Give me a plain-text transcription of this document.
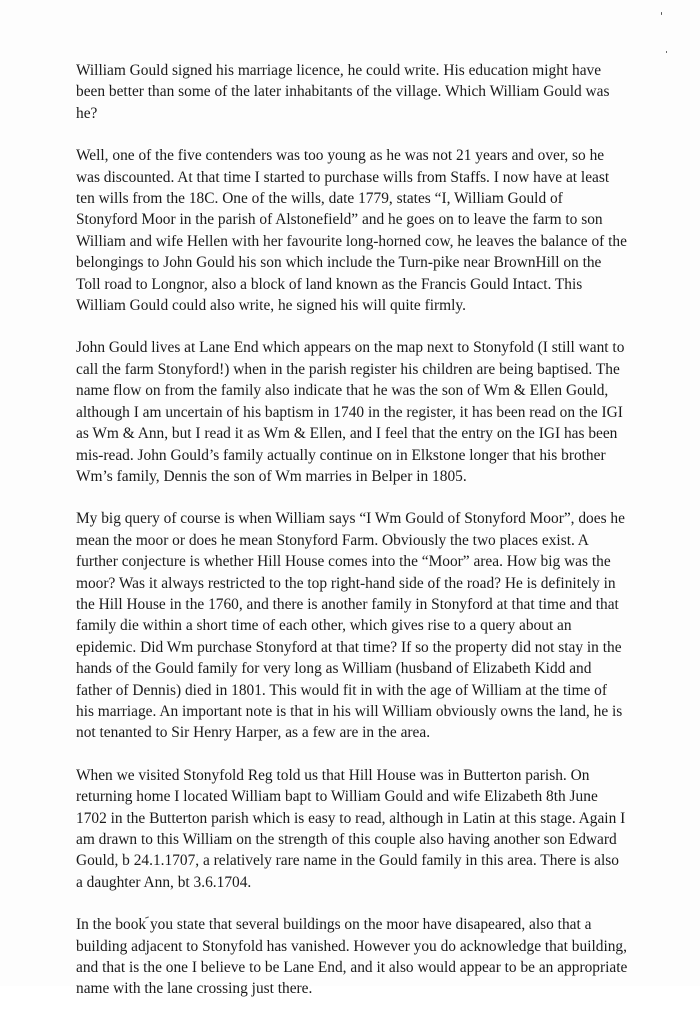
William Gould signed his marriage licence, he could write. His education might have
been better than some of the later inhabitants of the village. Which William Gould was
he?

Well, one of the five contenders was too young as he was not 21 years and over, so he
was discounted. At that time I started to purchase wills from Staffs. I now have at least
ten wills from the 18C. One of the wills, date 1779, states “I, William Gould of
Stonyford Moor in the parish of Alstonefield” and he goes on to leave the farm to son
William and wife Hellen with her favourite long-horned cow, he leaves the balance of the
belongings to John Gould his son which include the Turn-pike near BrownHill on the
Toll road to Longnor, also a block of land known as the Francis Gould Intact. This
William Gould could also write, he signed his will quite firmly.

John Gould lives at Lane End which appears on the map next to Stonyfold (I still want to
call the farm Stonyford!) when in the parish register his children are being baptised. The
name flow on from the family also indicate that he was the son of Wm & Ellen Gould,
although I am uncertain of his baptism in 1740 in the register, it has been read on the IGI
as Wm & Ann, but I read it as Wm & Ellen, and I feel that the entry on the IGI has been
mis-read. John Gould’s family actually continue on in Elkstone longer that his brother
Wm’s family, Dennis the son of Wm marries in Belper in 1805.

My big query of course is when William says “I Wm Gould of Stonyford Moor”, does he
mean the moor or does he mean Stonyford Farm. Obviously the two places exist. A
further conjecture is whether Hill House comes into the “Moor” area. How big was the
moor? Was it always restricted to the top right-hand side of the road? He is definitely in
the Hill House in the 1760, and there is another family in Stonyford at that time and that
family die within a short time of each other, which gives rise to a query about an
epidemic. Did Wm purchase Stonyford at that time? If so the property did not stay in the
hands of the Gould family for very long as William (husband of Elizabeth Kidd and
father of Dennis) died in 1801. This would fit in with the age of William at the time of
his marriage. An important note is that in his will William obviously owns the land, he is
not tenanted to Sir Henry Harper, as a few are in the area.

When we visited Stonyfold Reg told us that Hill House was in Butterton parish. On
returning home I located William bapt to William Gould and wife Elizabeth 8th June
1702 in the Butterton parish which is easy to read, although in Latin at this stage. Again I
am drawn to this William on the strength of this couple also having another son Edward
Gould, b 24.1.1707, a relatively rare name in the Gould family in this area. There is also
a daughter Ann, bt 3.6.1704.

In the book you state that several buildings on the moor have disapeared, also that a
building adjacent to Stonyfold has vanished. However you do acknowledge that building,
and that is the one I believe to be Lane End, and it also would appear to be an appropriate
name with the lane crossing just there.
